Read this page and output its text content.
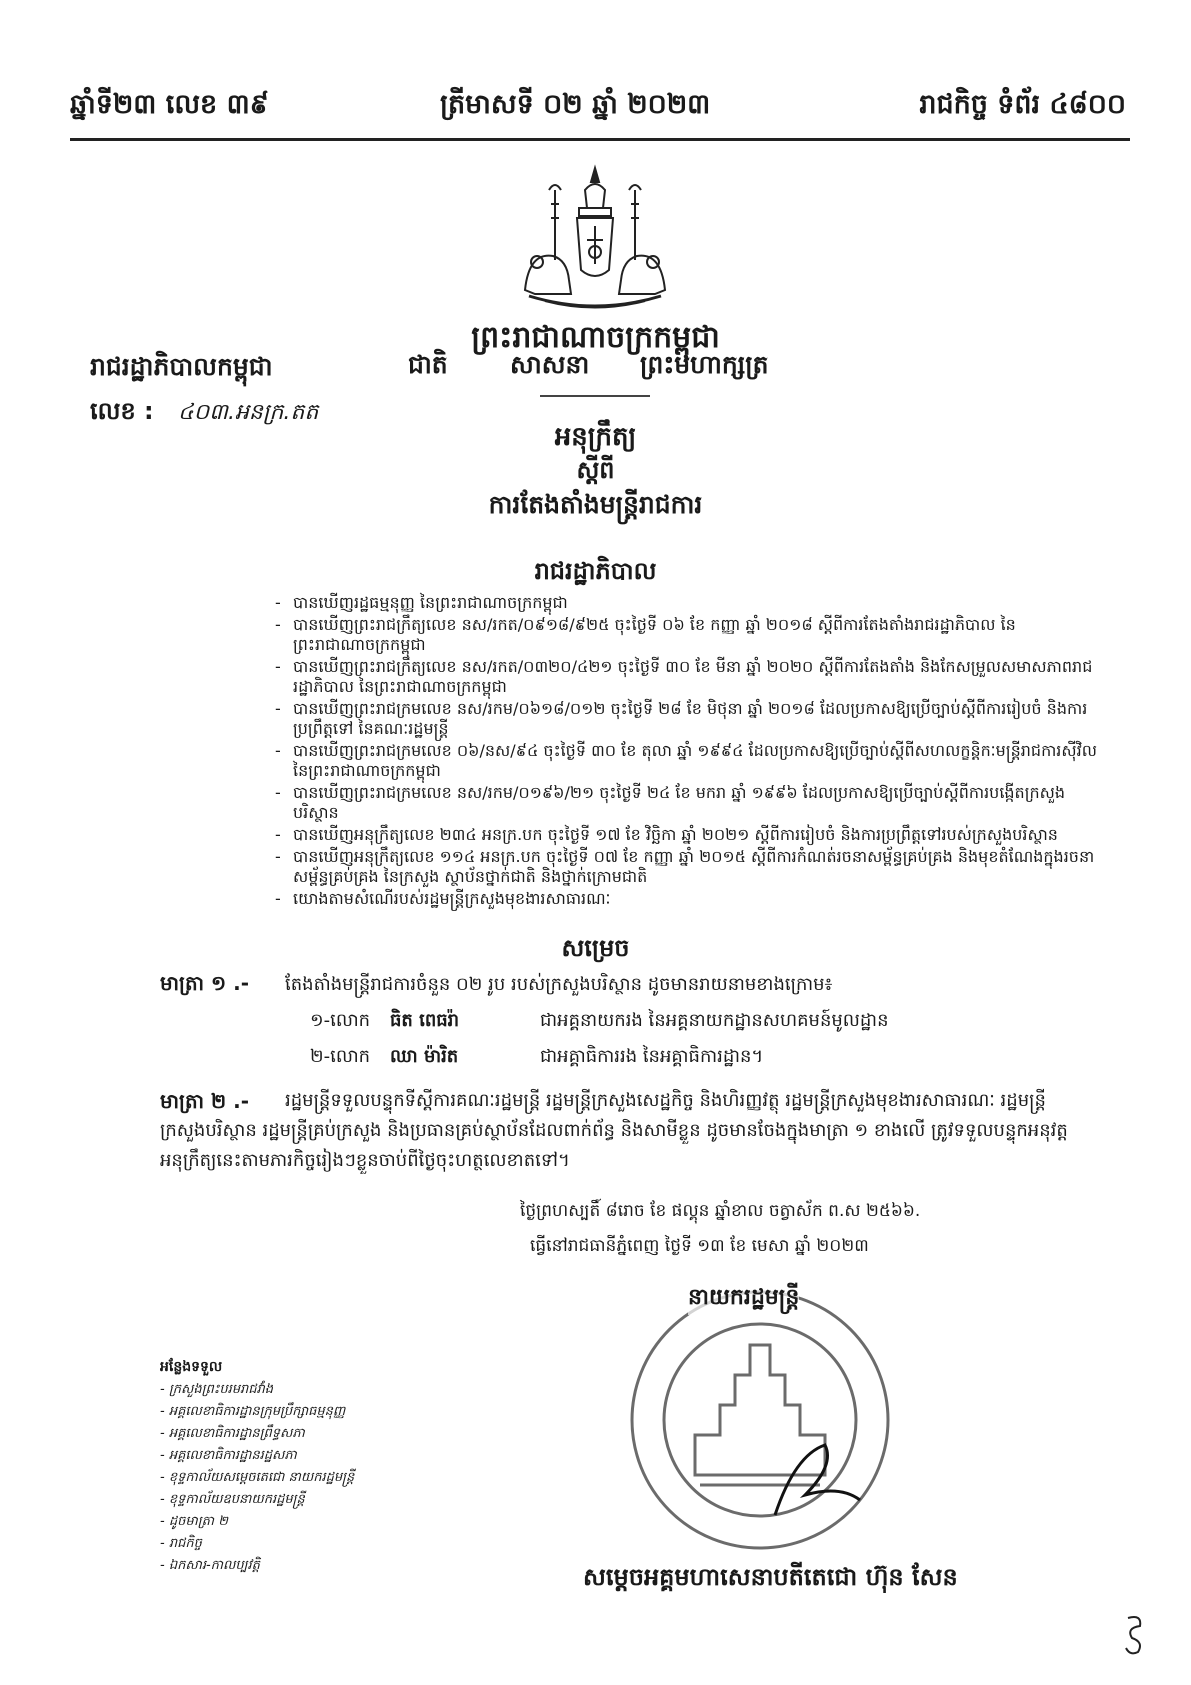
ឆ្នាំទី២៣ លេខ ៣៩	ត្រីមាសទី ០២ ឆ្នាំ ២០២៣	រាជកិច្ច ទំព័រ ៤៨០០
ព្រះរាជាណាចក្រកម្ពុជា
រាជរដ្ឋាភិបាលកម្ពុជា	ជាតិ សាសនា ព្រះមហាក្សត្រ
លេខ : ៤០៣.អនក្រ.តត
អនុក្រឹត្យ
ស្តីពី
ការតែងតាំងមន្ត្រីរាជការ
រាជរដ្ឋាភិបាល
- បានឃើញរដ្ឋធម្មនុញ្ញ នៃព្រះរាជាណាចក្រកម្ពុជា
- បានឃើញព្រះរាជក្រឹត្យលេខ នស/រកត/០៩១៨/៩២៥ ចុះថ្ងៃទី ០៦ ខែ កញ្ញា ឆ្នាំ ២០១៨ ស្តីពីការតែងតាំងរាជរដ្ឋាភិបាល នៃព្រះរាជាណាចក្រកម្ពុជា
- បានឃើញព្រះរាជក្រឹត្យលេខ នស/រកត/០៣២០/៤២១ ចុះថ្ងៃទី ៣០ ខែ មីនា ឆ្នាំ ២០២០ ស្តីពីការតែងតាំង និងកែសម្រួលសមាសភាពរាជរដ្ឋាភិបាល នៃព្រះរាជាណាចក្រកម្ពុជា
- បានឃើញព្រះរាជក្រមលេខ នស/រកម/០៦១៨/០១២ ចុះថ្ងៃទី ២៨ ខែ មិថុនា ឆ្នាំ ២០១៨ ដែលប្រកាសឱ្យប្រើច្បាប់ស្តីពីការរៀបចំ និងការប្រព្រឹត្តទៅ នៃគណៈរដ្ឋមន្ត្រី
- បានឃើញព្រះរាជក្រមលេខ ០៦/នស/៩៤ ចុះថ្ងៃទី ៣០ ខែ តុលា ឆ្នាំ ១៩៩៤ ដែលប្រកាសឱ្យប្រើច្បាប់ស្តីពីសហលក្ខន្តិកៈមន្ត្រីរាជការស៊ីវិល នៃព្រះរាជាណាចក្រកម្ពុជា
- បានឃើញព្រះរាជក្រមលេខ នស/រកម/០១៩៦/២១ ចុះថ្ងៃទី ២៤ ខែ មករា ឆ្នាំ ១៩៩៦ ដែលប្រកាសឱ្យប្រើច្បាប់ស្តីពីការបង្កើតក្រសួងបរិស្ថាន
- បានឃើញអនុក្រឹត្យលេខ ២៣៤ អនក្រ.បក ចុះថ្ងៃទី ១៧ ខែ វិច្ឆិកា ឆ្នាំ ២០២១ ស្តីពីការរៀបចំ និងការប្រព្រឹត្តទៅរបស់ក្រសួងបរិស្ថាន
- បានឃើញអនុក្រឹត្យលេខ ១១៤ អនក្រ.បក ចុះថ្ងៃទី ០៧ ខែ កញ្ញា ឆ្នាំ ២០១៥ ស្តីពីការកំណត់រចនាសម្ព័ន្ធគ្រប់គ្រង និងមុខតំណែងក្នុងរចនាសម្ព័ន្ធគ្រប់គ្រង នៃក្រសួង ស្ថាប័នថ្នាក់ជាតិ និងថ្នាក់ក្រោមជាតិ
- យោងតាមសំណើរបស់រដ្ឋមន្ត្រីក្រសួងមុខងារសាធារណៈ
សម្រេច
មាត្រា ១ .- តែងតាំងមន្ត្រីរាជការចំនួន ០២ រូប របស់ក្រសួងបរិស្ថាន ដូចមានរាយនាមខាងក្រោម៖
១-លោក ធិត ពេធរ៉ា	ជាអគ្គនាយករង នៃអគ្គនាយកដ្ឋានសហគមន៍មូលដ្ឋាន
២-លោក ឈា ម៉ារិត	ជាអគ្គាធិការរង នៃអគ្គាធិការដ្ឋាន។
មាត្រា ២ .-	រដ្ឋមន្ត្រីទទួលបន្ទុកទីស្តីការគណៈរដ្ឋមន្ត្រី រដ្ឋមន្ត្រីក្រសួងសេដ្ឋកិច្ច និងហិរញ្ញវត្ថុ រដ្ឋមន្ត្រីក្រសួងមុខងារសាធារណៈ រដ្ឋមន្ត្រីក្រសួងបរិស្ថាន រដ្ឋមន្ត្រីគ្រប់ក្រសួង និងប្រធានគ្រប់ស្ថាប័នដែលពាក់ព័ន្ធ និងសាមីខ្លួន ដូចមានចែងក្នុងមាត្រា ១ ខាងលើ ត្រូវទទួលបន្ទុកអនុវត្តអនុក្រឹត្យនេះតាមភារកិច្ចរៀងៗខ្លួនចាប់ពីថ្ងៃចុះហត្ថលេខាតទៅ។
ថ្ងៃព្រហស្បតិ៍ ៨រោច ខែ ផល្គុន ឆ្នាំខាល ចត្វាស័ក ព.ស ២៥៦៦.
ធ្វើនៅរាជធានីភ្នំពេញ ថ្ងៃទី ១៣ ខែ មេសា ឆ្នាំ ២០២៣
នាយករដ្ឋមន្ត្រី
សម្តេចអគ្គមហាសេនាបតីតេជោ ហ៊ុន សែន
អន្លែងទទួល
- ក្រសួងព្រះបរមរាជវាំង
- អគ្គលេខាធិការដ្ឋានក្រុមប្រឹក្សាធម្មនុញ្ញ
- អគ្គលេខាធិការដ្ឋានព្រឹទ្ធសភា
- អគ្គលេខាធិការដ្ឋានរដ្ឋសភា
- ខុទ្ទកាល័យសម្តេចតេជោ នាយករដ្ឋមន្ត្រី
- ខុទ្ទកាល័យឧបនាយករដ្ឋមន្ត្រី
- ដូចមាត្រា ២
- រាជកិច្ច
- ឯកសារ-កាលប្បវត្តិ
